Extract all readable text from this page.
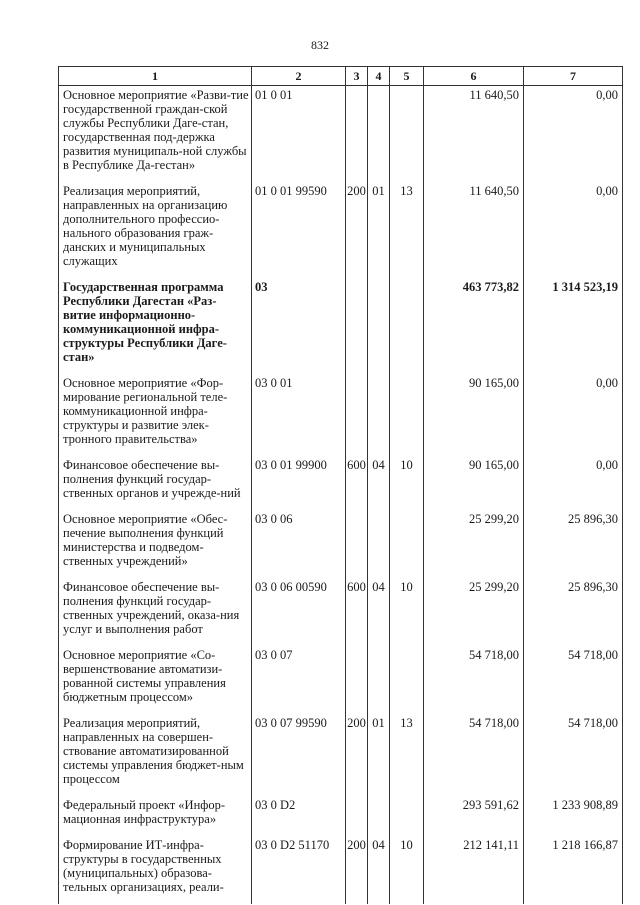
832
1	2	3	4	5	6	7
Основное мероприятие «Разви-тие государственной граждан-ской службы Республики Даге-стан, государственная под-держка развития муниципаль-ной службы в Республике Да-гестан»	01 0 01				11 640,50	0,00
Реализация мероприятий, направленных на организацию дополнительного профессио-нального образования граж-данских и муниципальных служащих	01 0 01 99590	200	01	13	11 640,50	0,00
Государственная программа Республики Дагестан «Раз-витие информационно-коммуникационной инфра-структуры Республики Даге-стан»	03				463 773,82	1 314 523,19
Основное мероприятие «Фор-мирование региональной теле-коммуникационной инфра-структуры и развитие элек-тронного правительства»	03 0 01				90 165,00	0,00
Финансовое обеспечение вы-полнения функций государ-ственных органов и учрежде-ний	03 0 01 99900	600	04	10	90 165,00	0,00
Основное мероприятие «Обес-печение выполнения функций министерства и подведом-ственных учреждений»	03 0 06				25 299,20	25 896,30
Финансовое обеспечение вы-полнения функций государ-ственных учреждений, оказа-ния услуг и выполнения работ	03 0 06 00590	600	04	10	25 299,20	25 896,30
Основное мероприятие «Со-вершенствование автоматизи-рованной системы управления бюджетным процессом»	03 0 07				54 718,00	54 718,00
Реализация мероприятий, направленных на совершен-ствование автоматизированной системы управления бюджет-ным процессом	03 0 07 99590	200	01	13	54 718,00	54 718,00
Федеральный проект «Инфор-мационная инфраструктура»	03 0 D2				293 591,62	1 233 908,89
Формирование ИТ-инфра-структуры в государственных (муниципальных) образова-тельных организациях, реали-	03 0 D2 51170	200	04	10	212 141,11	1 218 166,87
